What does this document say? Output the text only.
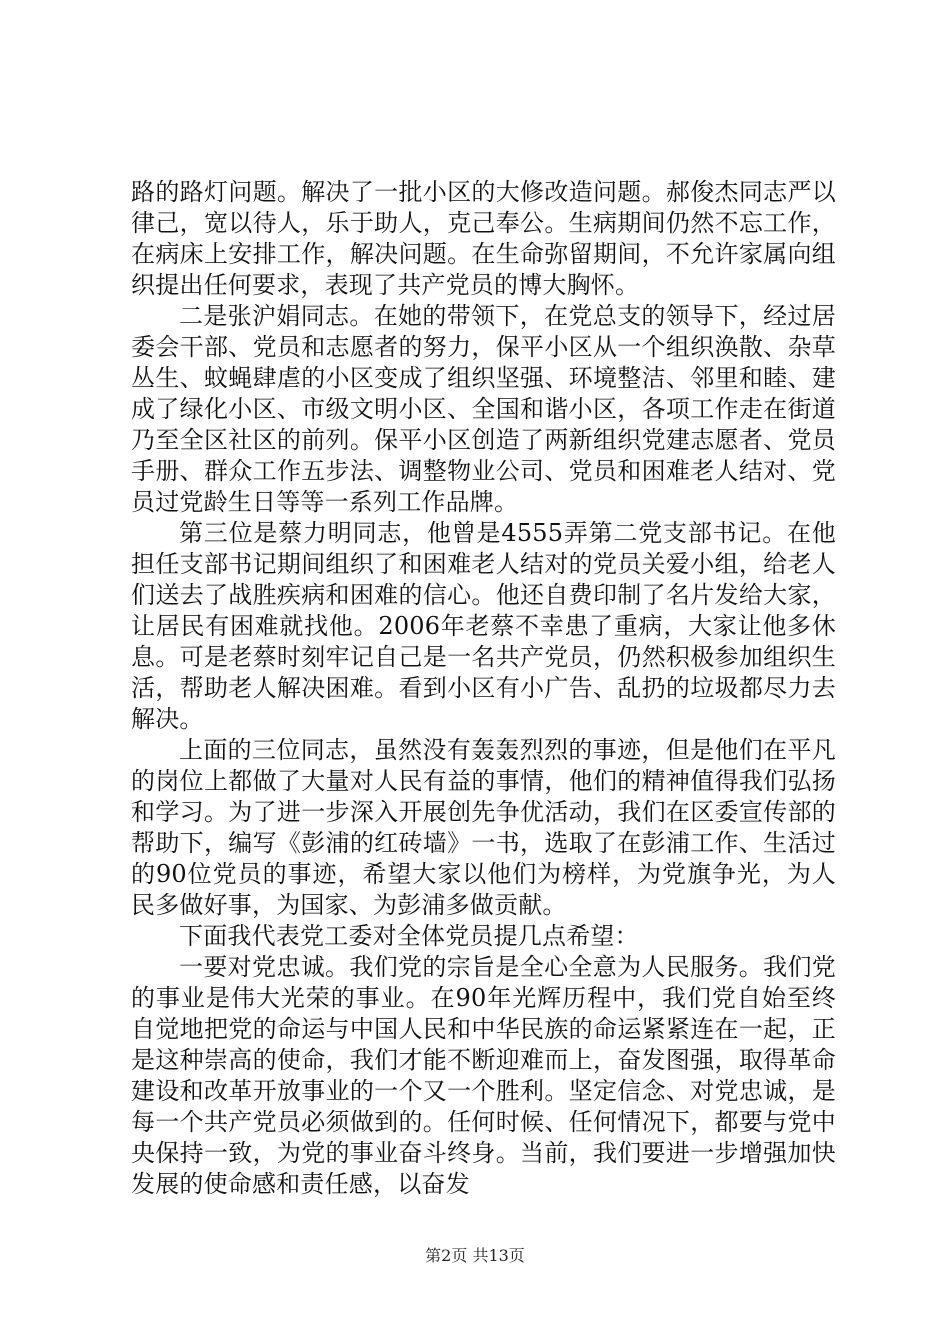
路的路灯问题。解决了一批小区的大修改造问题。郝俊杰同志严以律己，宽以待人，乐于助人，克己奉公。生病期间仍然不忘工作，在病床上安排工作，解决问题。在生命弥留期间，不允许家属向组织提出任何要求，表现了共产党员的博大胸怀。

二是张沪娟同志。在她的带领下，在党总支的领导下，经过居委会干部、党员和志愿者的努力，保平小区从一个组织涣散、杂草丛生、蚊蝇肆虐的小区变成了组织坚强、环境整洁、邻里和睦、建成了绿化小区、市级文明小区、全国和谐小区，各项工作走在街道乃至全区社区的前列。保平小区创造了两新组织党建志愿者、党员手册、群众工作五步法、调整物业公司、党员和困难老人结对、党员过党龄生日等等一系列工作品牌。

第三位是蔡力明同志，他曾是4555弄第二党支部书记。在他担任支部书记期间组织了和困难老人结对的党员关爱小组，给老人们送去了战胜疾病和困难的信心。他还自费印制了名片发给大家，让居民有困难就找他。2006年老蔡不幸患了重病，大家让他多休息。可是老蔡时刻牢记自己是一名共产党员，仍然积极参加组织生活，帮助老人解决困难。看到小区有小广告、乱扔的垃圾都尽力去解决。

上面的三位同志，虽然没有轰轰烈烈的事迹，但是他们在平凡的岗位上都做了大量对人民有益的事情，他们的精神值得我们弘扬和学习。为了进一步深入开展创先争优活动，我们在区委宣传部的帮助下，编写《彭浦的红砖墙》一书，选取了在彭浦工作、生活过的90位党员的事迹，希望大家以他们为榜样，为党旗争光，为人民多做好事，为国家、为彭浦多做贡献。

下面我代表党工委对全体党员提几点希望：

一要对党忠诚。我们党的宗旨是全心全意为人民服务。我们党的事业是伟大光荣的事业。在90年光辉历程中，我们党自始至终自觉地把党的命运与中国人民和中华民族的命运紧紧连在一起，正是这种崇高的使命，我们才能不断迎难而上，奋发图强，取得革命建设和改革开放事业的一个又一个胜利。坚定信念、对党忠诚，是每一个共产党员必须做到的。任何时候、任何情况下，都要与党中央保持一致，为党的事业奋斗终身。当前，我们要进一步增强加快发展的使命感和责任感，以奋发

第2页 共13页
